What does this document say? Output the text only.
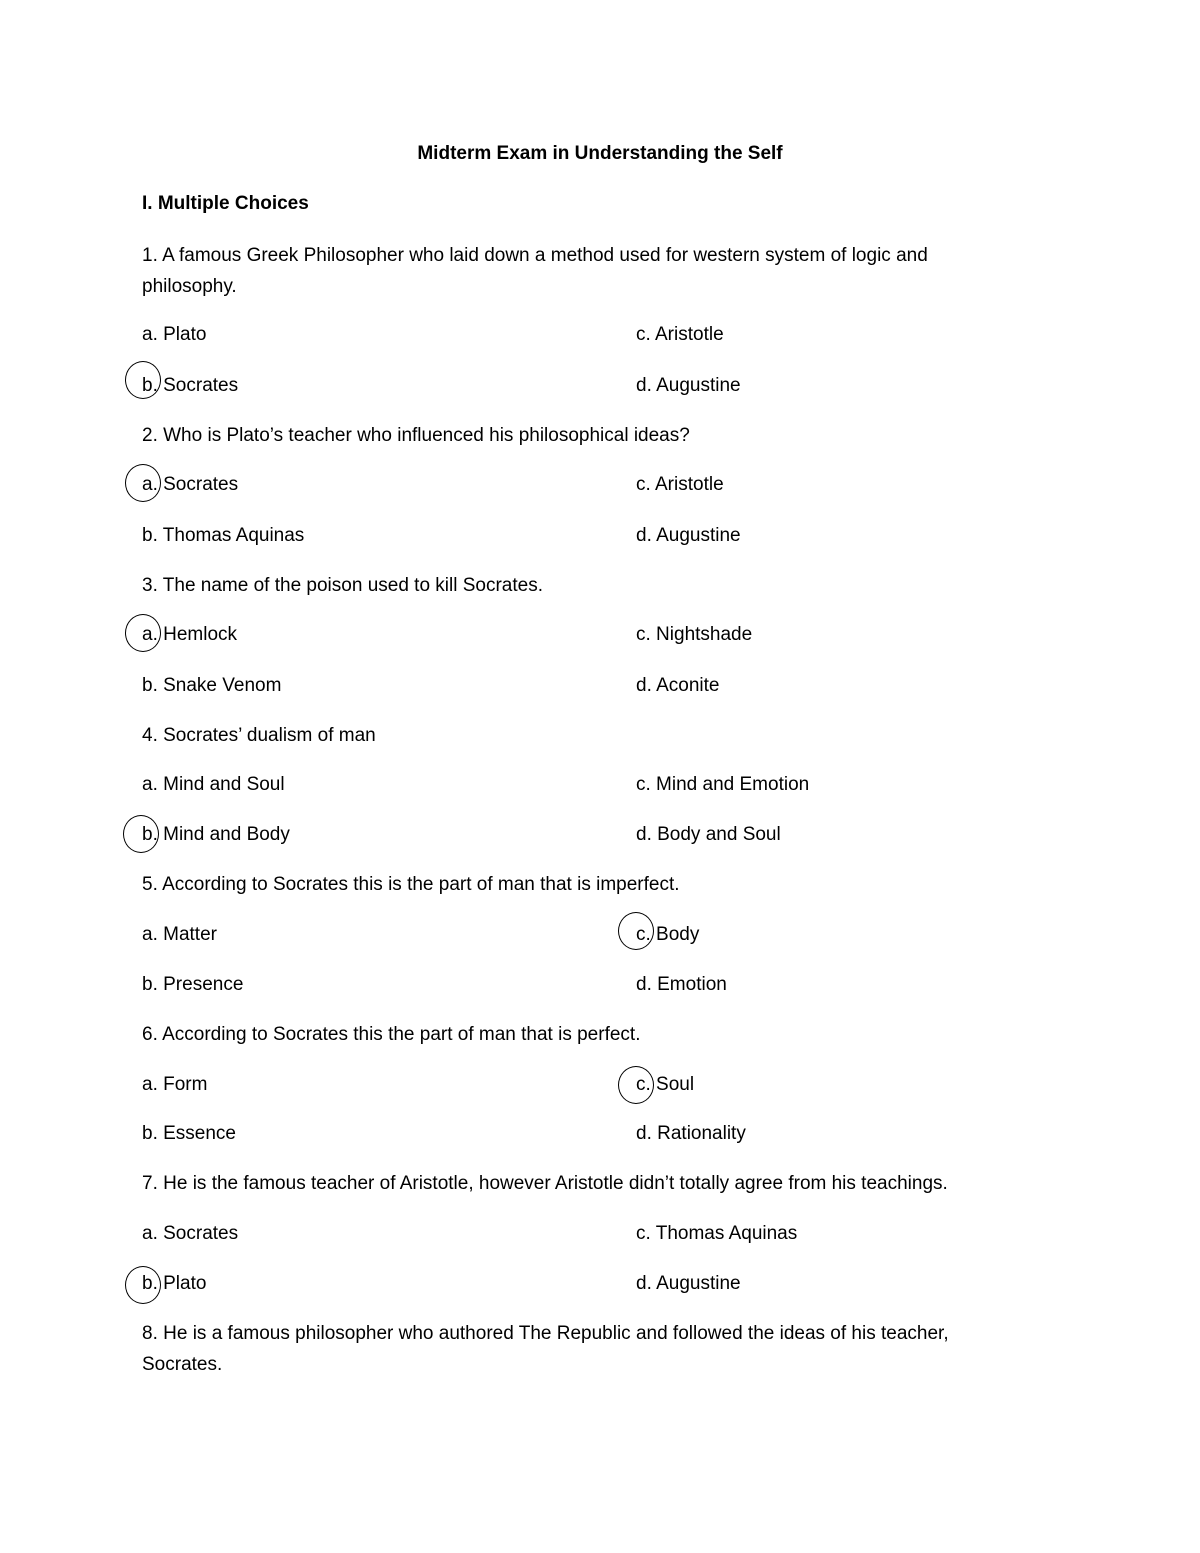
Midterm Exam in Understanding the Self
I. Multiple Choices
1. A famous Greek Philosopher who laid down a method used for western system of logic and
philosophy.
a. Plato	c. Aristotle
b. Socrates	d. Augustine
2. Who is Plato’s teacher who influenced his philosophical ideas?
a. Socrates	c. Aristotle
b. Thomas Aquinas	d. Augustine
3. The name of the poison used to kill Socrates.
a. Hemlock	c. Nightshade
b. Snake Venom	d. Aconite
4. Socrates’ dualism of man
a. Mind and Soul	c. Mind and Emotion
b. Mind and Body	d. Body and Soul
5. According to Socrates this is the part of man that is imperfect.
a. Matter	c. Body
b. Presence	d. Emotion
6. According to Socrates this the part of man that is perfect.
a. Form	c. Soul
b. Essence	d. Rationality
7. He is the famous teacher of Aristotle, however Aristotle didn’t totally agree from his teachings.
a. Socrates	c. Thomas Aquinas
b. Plato	d. Augustine
8. He is a famous philosopher who authored The Republic and followed the ideas of his teacher,
Socrates.
